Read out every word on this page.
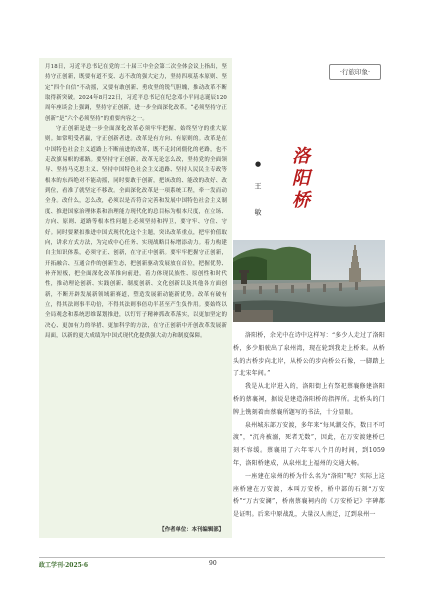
月18日，习近平总书记在党的二十届三中全会第二次全体会议上指出，坚持守正创新，既要有道不变、志不改的强大定力，坚持四项基本原则、坚定“四个自信”不动摇，又要有敢创新、勇攻坚的锐气胆魄，推动改革不断取得新突破。2024年8月22日，习近平总书记在纪念邓小平同志诞辰120周年座谈会上强调，坚持守正创新，进一步全面深化改革。“必须坚持守正创新”是“六个必须坚持”的重要内容之一。

守正创新是进一步全面深化改革必须牢牢把握、始终坚守的重大原则。如常明受者赢，守正创新者进。改革是有方向、有原则的。改革是在中国特色社会主义道路上不断前进的改革，既不走封闭僵化的老路，也不走改旗易帜的邪路。要坚持守正创新，改革无论怎么改，坚持党的全面领导、坚持马克思主义、坚持中国特色社会主义道路、坚持人民民主专政等根本的东西绝对不能动摇，同时要敢于创新，把该改的、能改的改好、改到位，看准了就坚定不移改。全面深化改革是一项系统工程，牵一发而动全身。改什么，怎么改，必须以是否符合完善和发展中国特色社会主义制度、推进国家治理体系和治理能力现代化的总目标为根本尺度，在立场、方向、原则、道路等根本性问题上必须坚持和捍卫，要守牢、守住、守好。同时要紧扣推进中国式现代化这个主题，突出改革重点，把牢价值取向，讲求方式方法，为完成中心任务、实现战略目标增添动力。着力构建自主知识体系，必须守正、创新，在守正中创新。要牢牢把握守正创新，开拓融合、互通合作的创新生态，把创新驱动发展放在首位，把握优势、补齐短板，把全面深化改革推向前进，着力体现民族性、原创性和时代性，推动理论创新、实践创新、制度创新、文化创新以及其他各方面创新，不断开辟发展新领域新赛道，塑造发展新动能新优势。改革有破有立，得其法则事半功倍，不得其法则事倍功半甚至产生负作用。要始终以全局观念和系统思维谋划推进，以钉钉子精神抓改革落实，以更加坚定的决心、更加有力的举措、更加科学的方法，在守正创新中开创改革发展新局面，以新的更大成绩为中国式现代化提供强大动力和制度保障。

【作者单位：本刊编辑部】
·行旅印象·
● 王　敏 洛阳桥

洛阳桥，余光中在诗中这样写：“多少人走过了洛阳桥，多少船驶出了泉州湾，现在轮到我走上桥来。从桥头的古桥步向北岸，从桥公的步向桥公石像，一脚踏上了北宋年间。”

我是从北岸进入的，洛阳街上有祭祀蔡襄修建洛阳桥的蔡襄祠，据说是建造洛阳桥的指挥所。北桥头的门牌上镌刻着由蔡襄所题写的书法，十分显眼。

泉州城东部万安渡，多年来“每风潮交作，数日不可渡”，“沉舟被溺，死者无数”，因此，在万安渡建桥已刻不容缓。蔡襄用了六年零八个月的时间，到1059年，洛阳桥建成，从泉州北上福州的交通大畅。

一座建在泉州的桥为什么名为“洛阳”呢？实际上这座桥建在万安渡，本叫万安桥，桥中部的石刻“万安桥”“万古安澜”，桥南蔡襄祠内的《万安桥记》字碑都是证明。后来中原战乱，大量汉人南迁，辽到泉州一

政工学刊·2025·6	90
